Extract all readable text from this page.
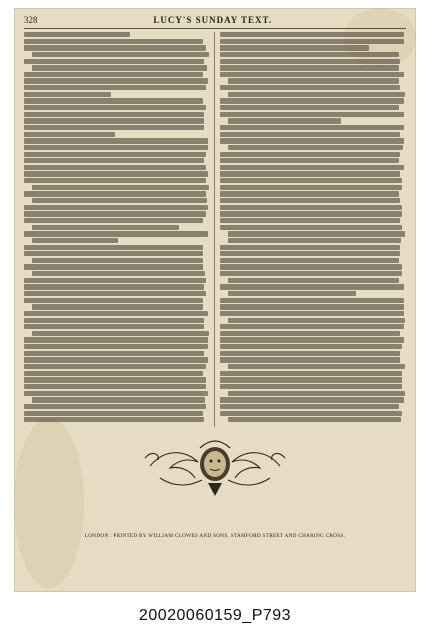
328	LUCY'S SUNDAY TEXT.
LONDON : PRINTED BY WILLIAM CLOWES AND SONS, STAMFORD STREET AND CHARING CROSS.
20020060159_P793
